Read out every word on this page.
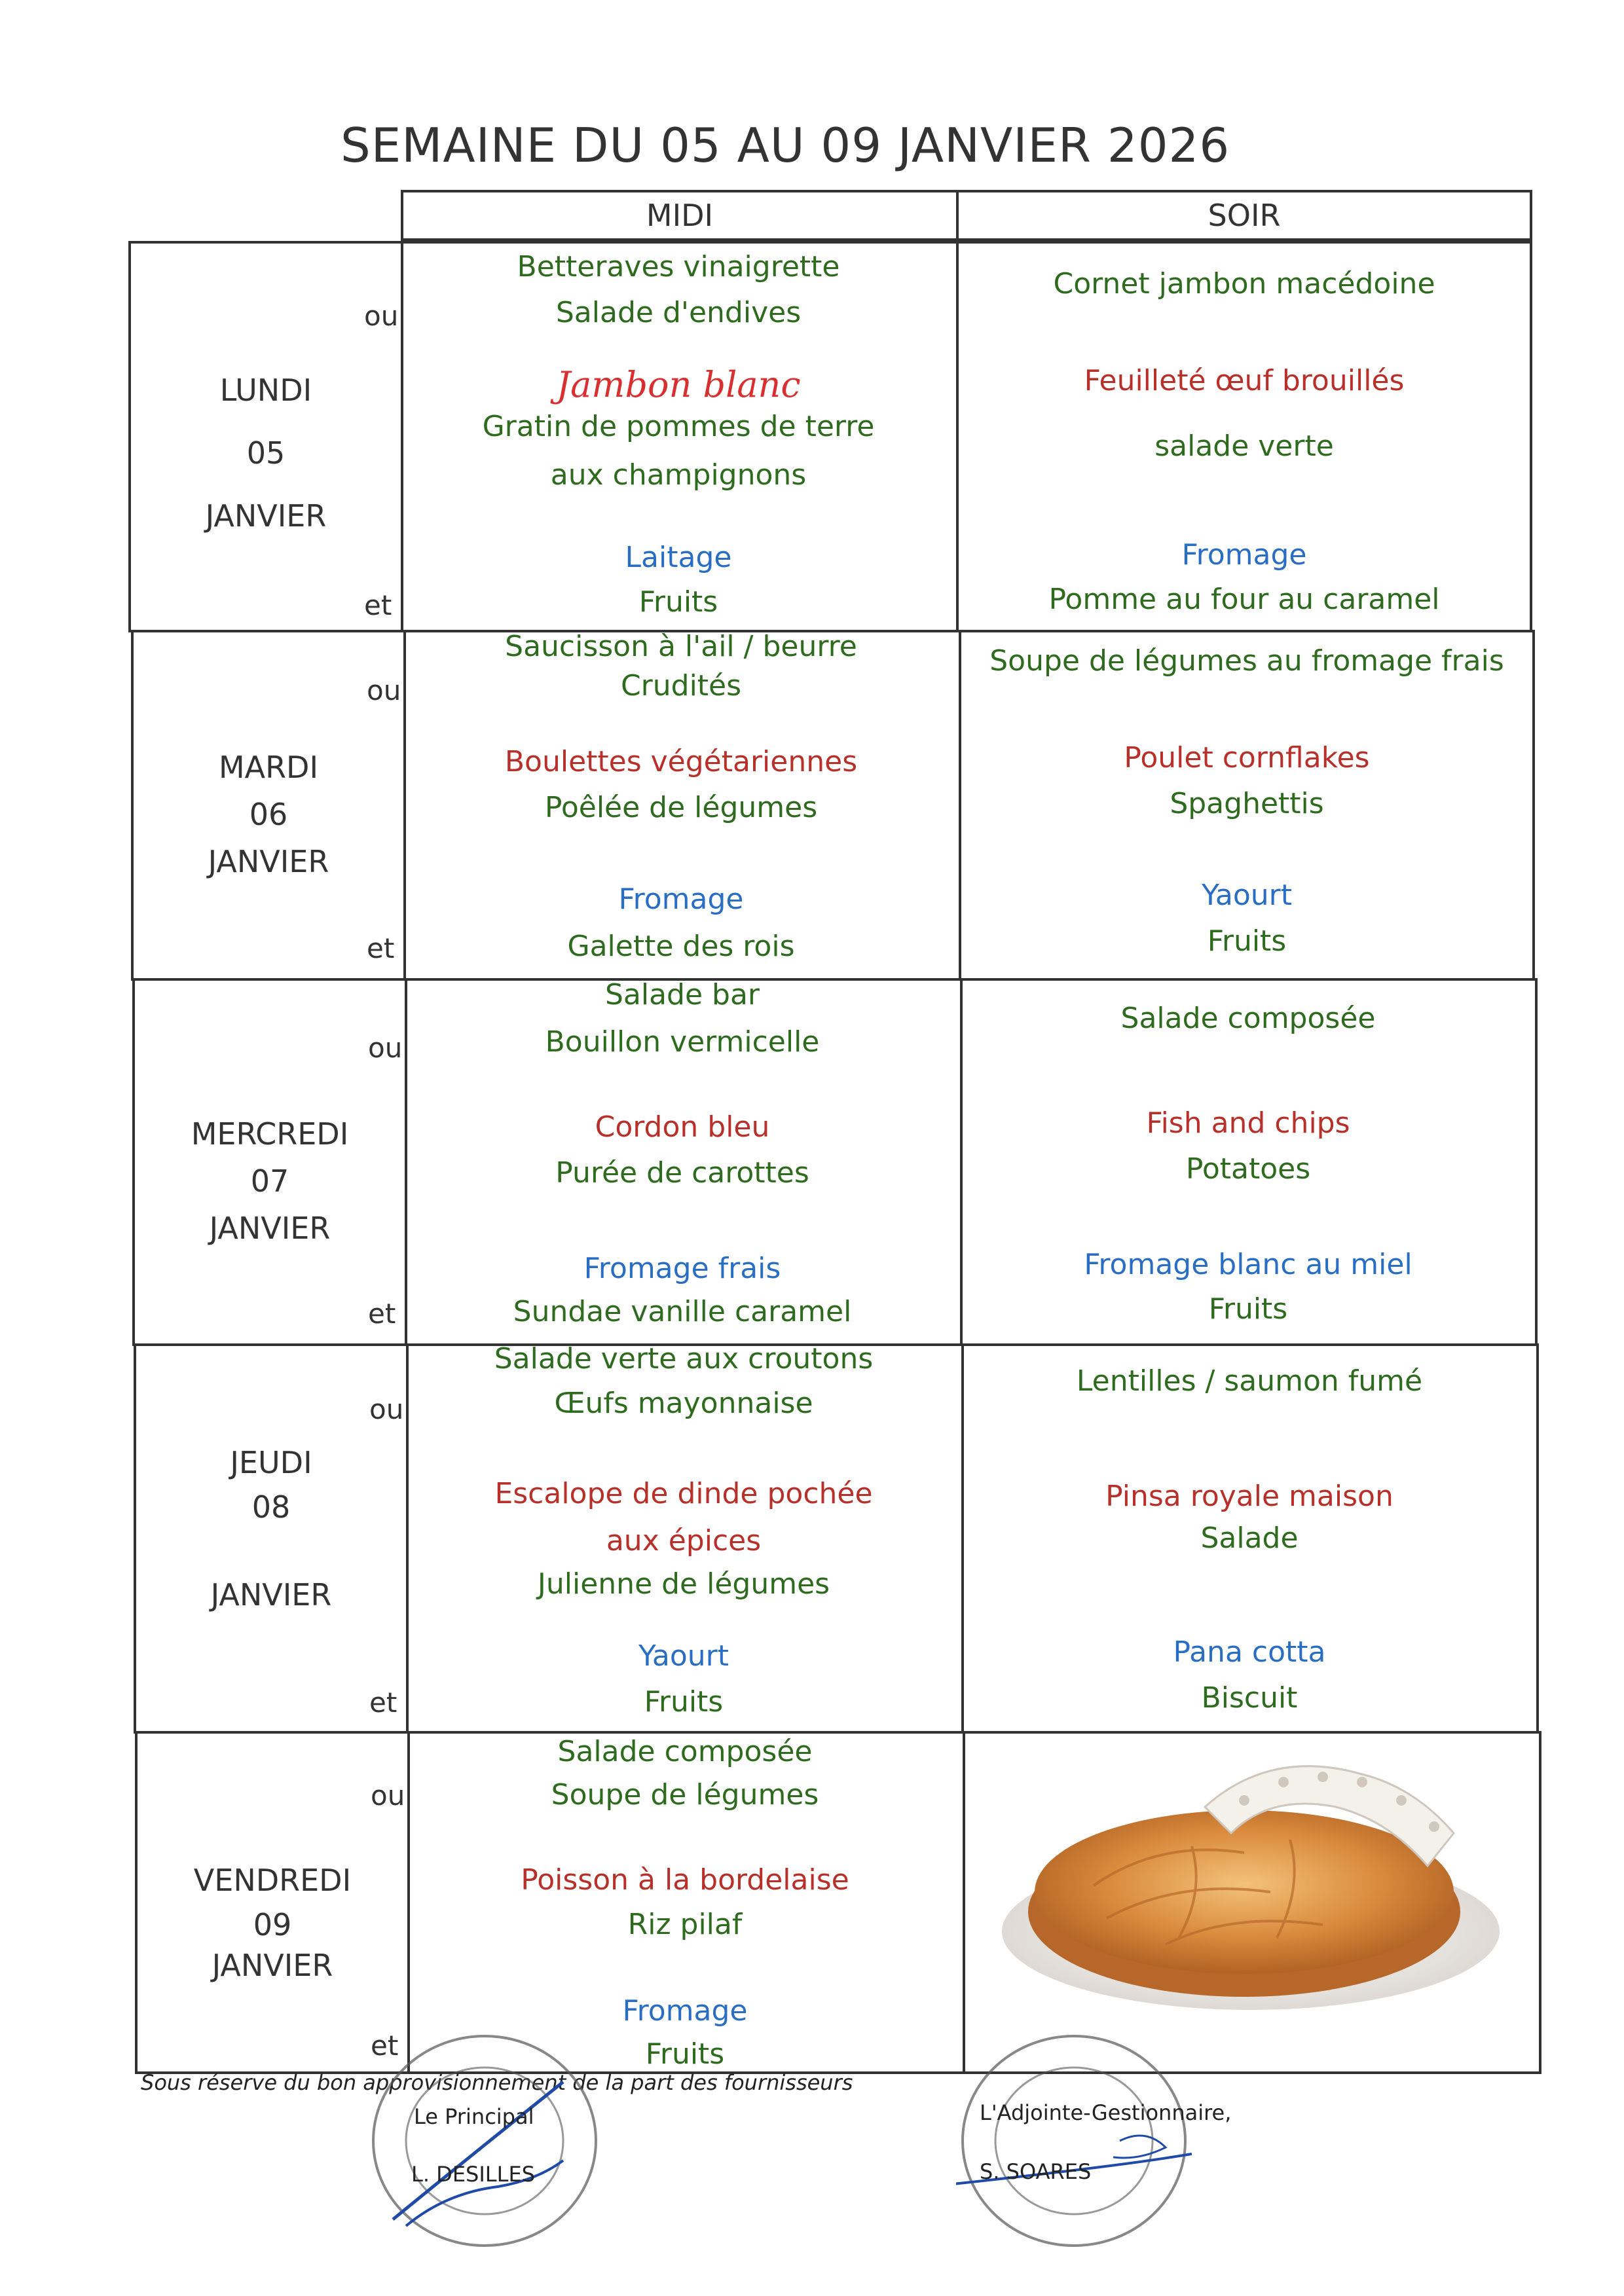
SEMAINE DU 05 AU 09 JANVIER 2026
MIDI	SOIR
LUNDI
05
JANVIER
ou
et
Betteraves vinaigrette
Salade d'endives
Jambon blanc
Gratin de pommes de terre
aux champignons
Laitage
Fruits
Cornet jambon macédoine
Feuilleté œuf brouillés
salade verte
Fromage
Pomme au four au caramel
MARDI
06
JANVIER
ou
et
Saucisson à l'ail / beurre
Crudités
Boulettes végétariennes
Poêlée de légumes
Fromage
Galette des rois
Soupe de légumes au fromage frais
Poulet cornflakes
Spaghettis
Yaourt
Fruits
MERCREDI
07
JANVIER
ou
et
Salade bar
Bouillon vermicelle
Cordon bleu
Purée de carottes
Fromage frais
Sundae vanille caramel
Salade composée
Fish and chips
Potatoes
Fromage blanc au miel
Fruits
JEUDI
08
JANVIER
ou
et
Salade verte aux croutons
Œufs mayonnaise
Escalope de dinde pochée
aux épices
Julienne de légumes
Yaourt
Fruits
Lentilles / saumon fumé
Pinsa royale maison
Salade
Pana cotta
Biscuit
VENDREDI
09
JANVIER
ou
et
Salade composée
Soupe de légumes
Poisson à la bordelaise
Riz pilaf
Fromage
Fruits
Sous réserve du bon approvisionnement de la part des fournisseurs
Le Principal
L. DESILLES
L'Adjointe-Gestionnaire,
S. SOARES
